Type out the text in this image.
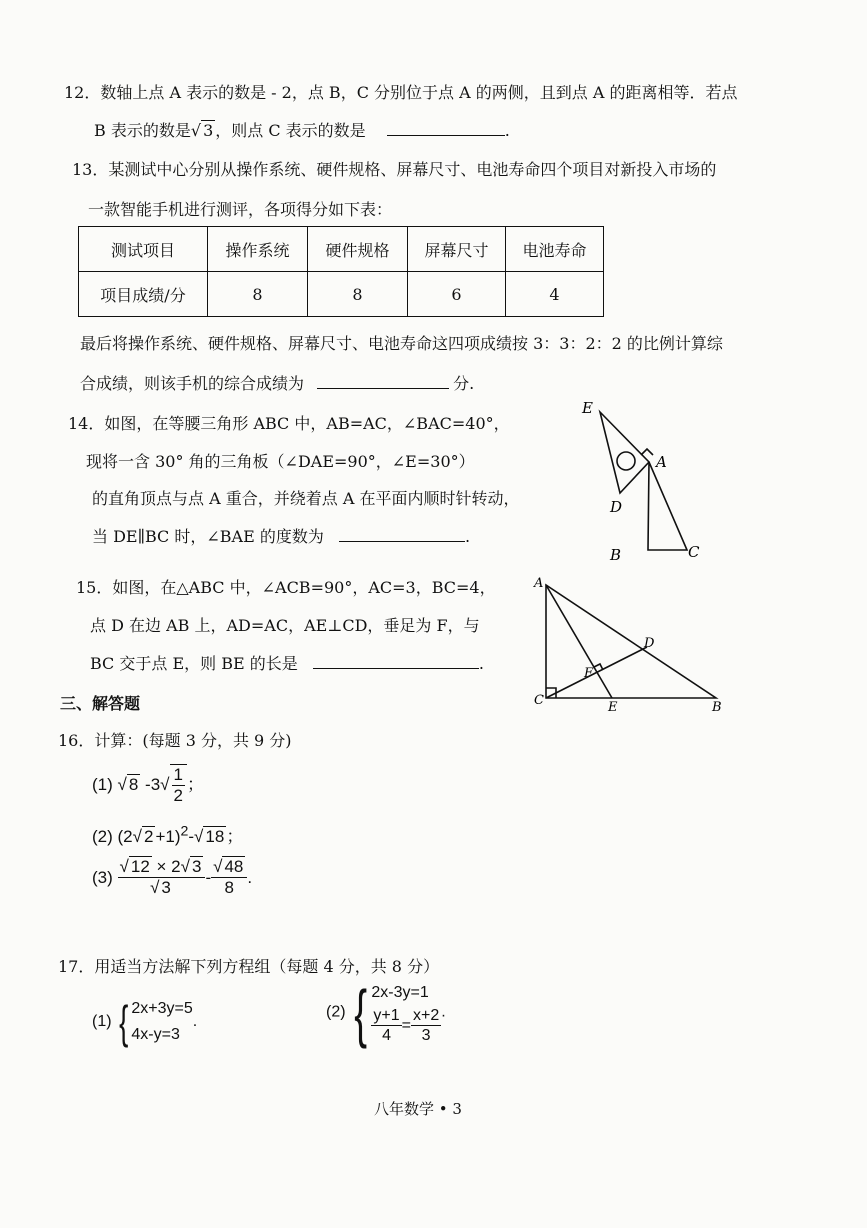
12．数轴上点 A 表示的数是 - 2，点 B，C 分别位于点 A 的两侧，且到点 A 的距离相等．若点
B 表示的数是√ 3 ，则点 C 表示的数是	.
13．某测试中心分别从操作系统、硬件规格、屏幕尺寸、电池寿命四个项目对新投入市场的
一款智能手机进行测评，各项得分如下表：
测试项目	操作系统	硬件规格	屏幕尺寸	电池寿命
项目成绩/分	8	8	6	4
最后将操作系统、硬件规格、屏幕尺寸、电池寿命这四项成绩按 3：3：2：2 的比例计算综
合成绩，则该手机的综合成绩为	分.
14．如图，在等腰三角形 ABC 中，AB=AC，∠BAC=40°，
现将一含 30° 角的三角板（∠DAE=90°，∠E=30°）
的直角顶点与点 A 重合，并绕着点 A 在平面内顺时针转动，
当 DE∥BC 时，∠BAE 的度数为	.
E
A
D
B	C
15．如图，在△ABC 中，∠ACB=90°，AC=3，BC=4，
点 D 在边 AB 上，AD=AC，AE⊥CD，垂足为 F，与
BC 交于点 E，则 BE 的长是	.
A
D
F
C	E	B
三、解答题
16．计算：(每题 3 分，共 9 分)
(1) √ 8 $-3√ \frac{1}{2}$ ；
(2) (2√ 2 +1)$^2$-√ 18 ；
$(3) \frac{√ 12 \times 2√ 3}{√ 3} - \frac{√ 48}{8}$ .
17．用适当方法解下列方程组（每题 4 分，共 8 分）
(1) { 2x+3y=5
4x-y=3
.
(2) { 2x-3y=1
$\frac{y+1}{4} = \frac{x+2}{3}$ .
八年数学 • 3
